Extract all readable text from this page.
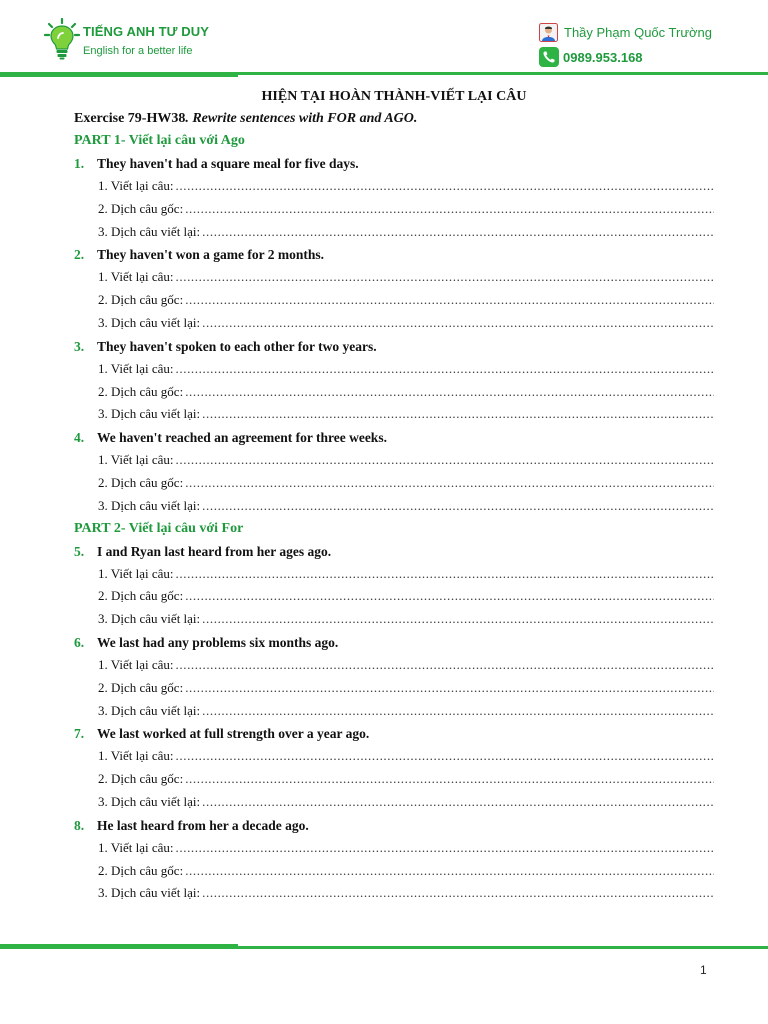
TIẾNG ANH TƯ DUY
English for a better life
Thầy Phạm Quốc Trường
0989.953.168
HIỆN TẠI HOÀN THÀNH-VIẾT LẠI CÂU
Exercise 79-HW38. Rewrite sentences with FOR and AGO.
PART 1- Viết lại câu với Ago
1. They haven't had a square meal for five days.
1. Viết lại câu:
.....
2. Dịch câu gốc:
.....
3. Dịch câu viết lại:
.....
2. They haven't won a game for 2 months.
1. Viết lại câu:
.....
2. Dịch câu gốc:
.....
3. Dịch câu viết lại:
.....
3. They haven't spoken to each other for two years.
1. Viết lại câu:
.....
2. Dịch câu gốc:
.....
3. Dịch câu viết lại:
.....
4. We haven't reached an agreement for three weeks.
1. Viết lại câu:
.....
2. Dịch câu gốc:
.....
3. Dịch câu viết lại:
.....
PART 2- Viết lại câu với For
5. I and Ryan last heard from her ages ago.
1. Viết lại câu:
.....
2. Dịch câu gốc:
.....
3. Dịch câu viết lại:
.....
6. We last had any problems six months ago.
1. Viết lại câu:
.....
2. Dịch câu gốc:
.....
3. Dịch câu viết lại:
.....
7. We last worked at full strength over a year ago.
1. Viết lại câu:
.....
2. Dịch câu gốc:
.....
3. Dịch câu viết lại:
.....
8. He last heard from her a decade ago.
1. Viết lại câu:
.....
2. Dịch câu gốc:
.....
3. Dịch câu viết lại:
.....
1
